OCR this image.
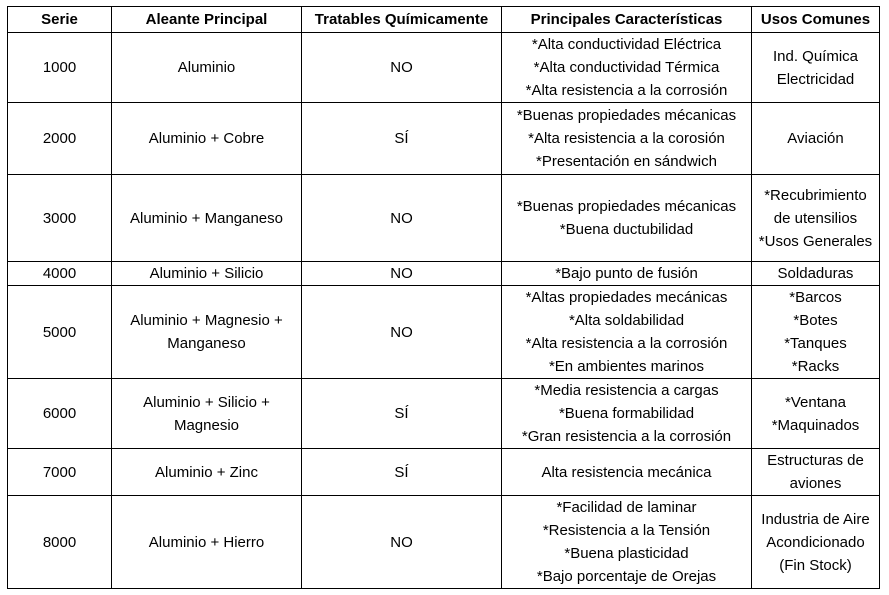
Serie	Aleante Principal	Tratables Químicamente	Principales Características	Usos Comunes
1000	Aluminio	NO	*Alta conductividad Eléctrica
*Alta conductividad Térmica
*Alta resistencia a la corrosión	Ind. Química
Electricidad

2000	Aluminio + Cobre	SÍ	*Buenas propiedades mécanicas
*Alta resistencia a la corosión
*Presentación en sándwich	Aviación

3000	Aluminio + Manganeso	NO	*Buenas propiedades mécanicas
*Buena ductubilidad	*Recubrimiento
de utensilios
*Usos Generales

4000	Aluminio + Silicio	NO	*Bajo punto de fusión	Soldaduras

5000	Aluminio + Magnesio + Manganeso	NO	*Altas propiedades mecánicas
*Alta soldabilidad
*Alta resistencia a la corrosión
*En ambientes marinos	*Barcos
*Botes
*Tanques
*Racks

6000	Aluminio + Silicio + Magnesio	SÍ	*Media resistencia a cargas
*Buena formabilidad
*Gran resistencia a la corrosión	*Ventana
*Maquinados

7000	Aluminio + Zinc	SÍ	Alta resistencia mecánica	Estructuras de
aviones

8000	Aluminio + Hierro	NO	*Facilidad de laminar
*Resistencia a la Tensión
*Buena plasticidad
*Bajo porcentaje de Orejas	Industria de Aire
Acondicionado
(Fin Stock)
